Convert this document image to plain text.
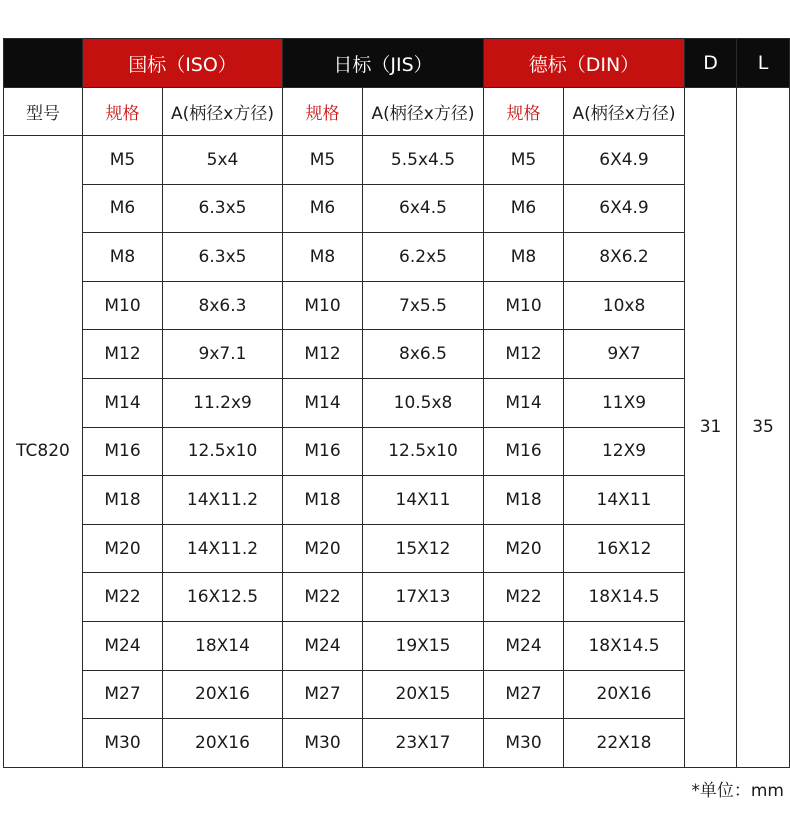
	国标（ISO）		日标（JIS）		德标（DIN）		D	L
型号	规格	A(柄径x方径)	规格	A(柄径x方径)	规格	A(柄径x方径)	31	35
TC820	M5	5x4	M5	5.5x4.5	M5	6X4.9		
	M6	6.3x5	M6	6x4.5	M6	6X4.9		
	M8	6.3x5	M8	6.2x5	M8	8X6.2		
	M10	8x6.3	M10	7x5.5	M10	10x8		
	M12	9x7.1	M12	8x6.5	M12	9X7		
	M14	11.2x9	M14	10.5x8	M14	11X9		
	M16	12.5x10	M16	12.5x10	M16	12X9		
	M18	14X11.2	M18	14X11	M18	14X11		
	M20	14X11.2	M20	15X12	M20	16X12		
	M22	16X12.5	M22	17X13	M22	18X14.5		
	M24	18X14	M24	19X15	M24	18X14.5		
	M27	20X16	M27	20X15	M27	20X16		
	M30	20X16	M30	23X17	M30	22X18		
*单位：mm
